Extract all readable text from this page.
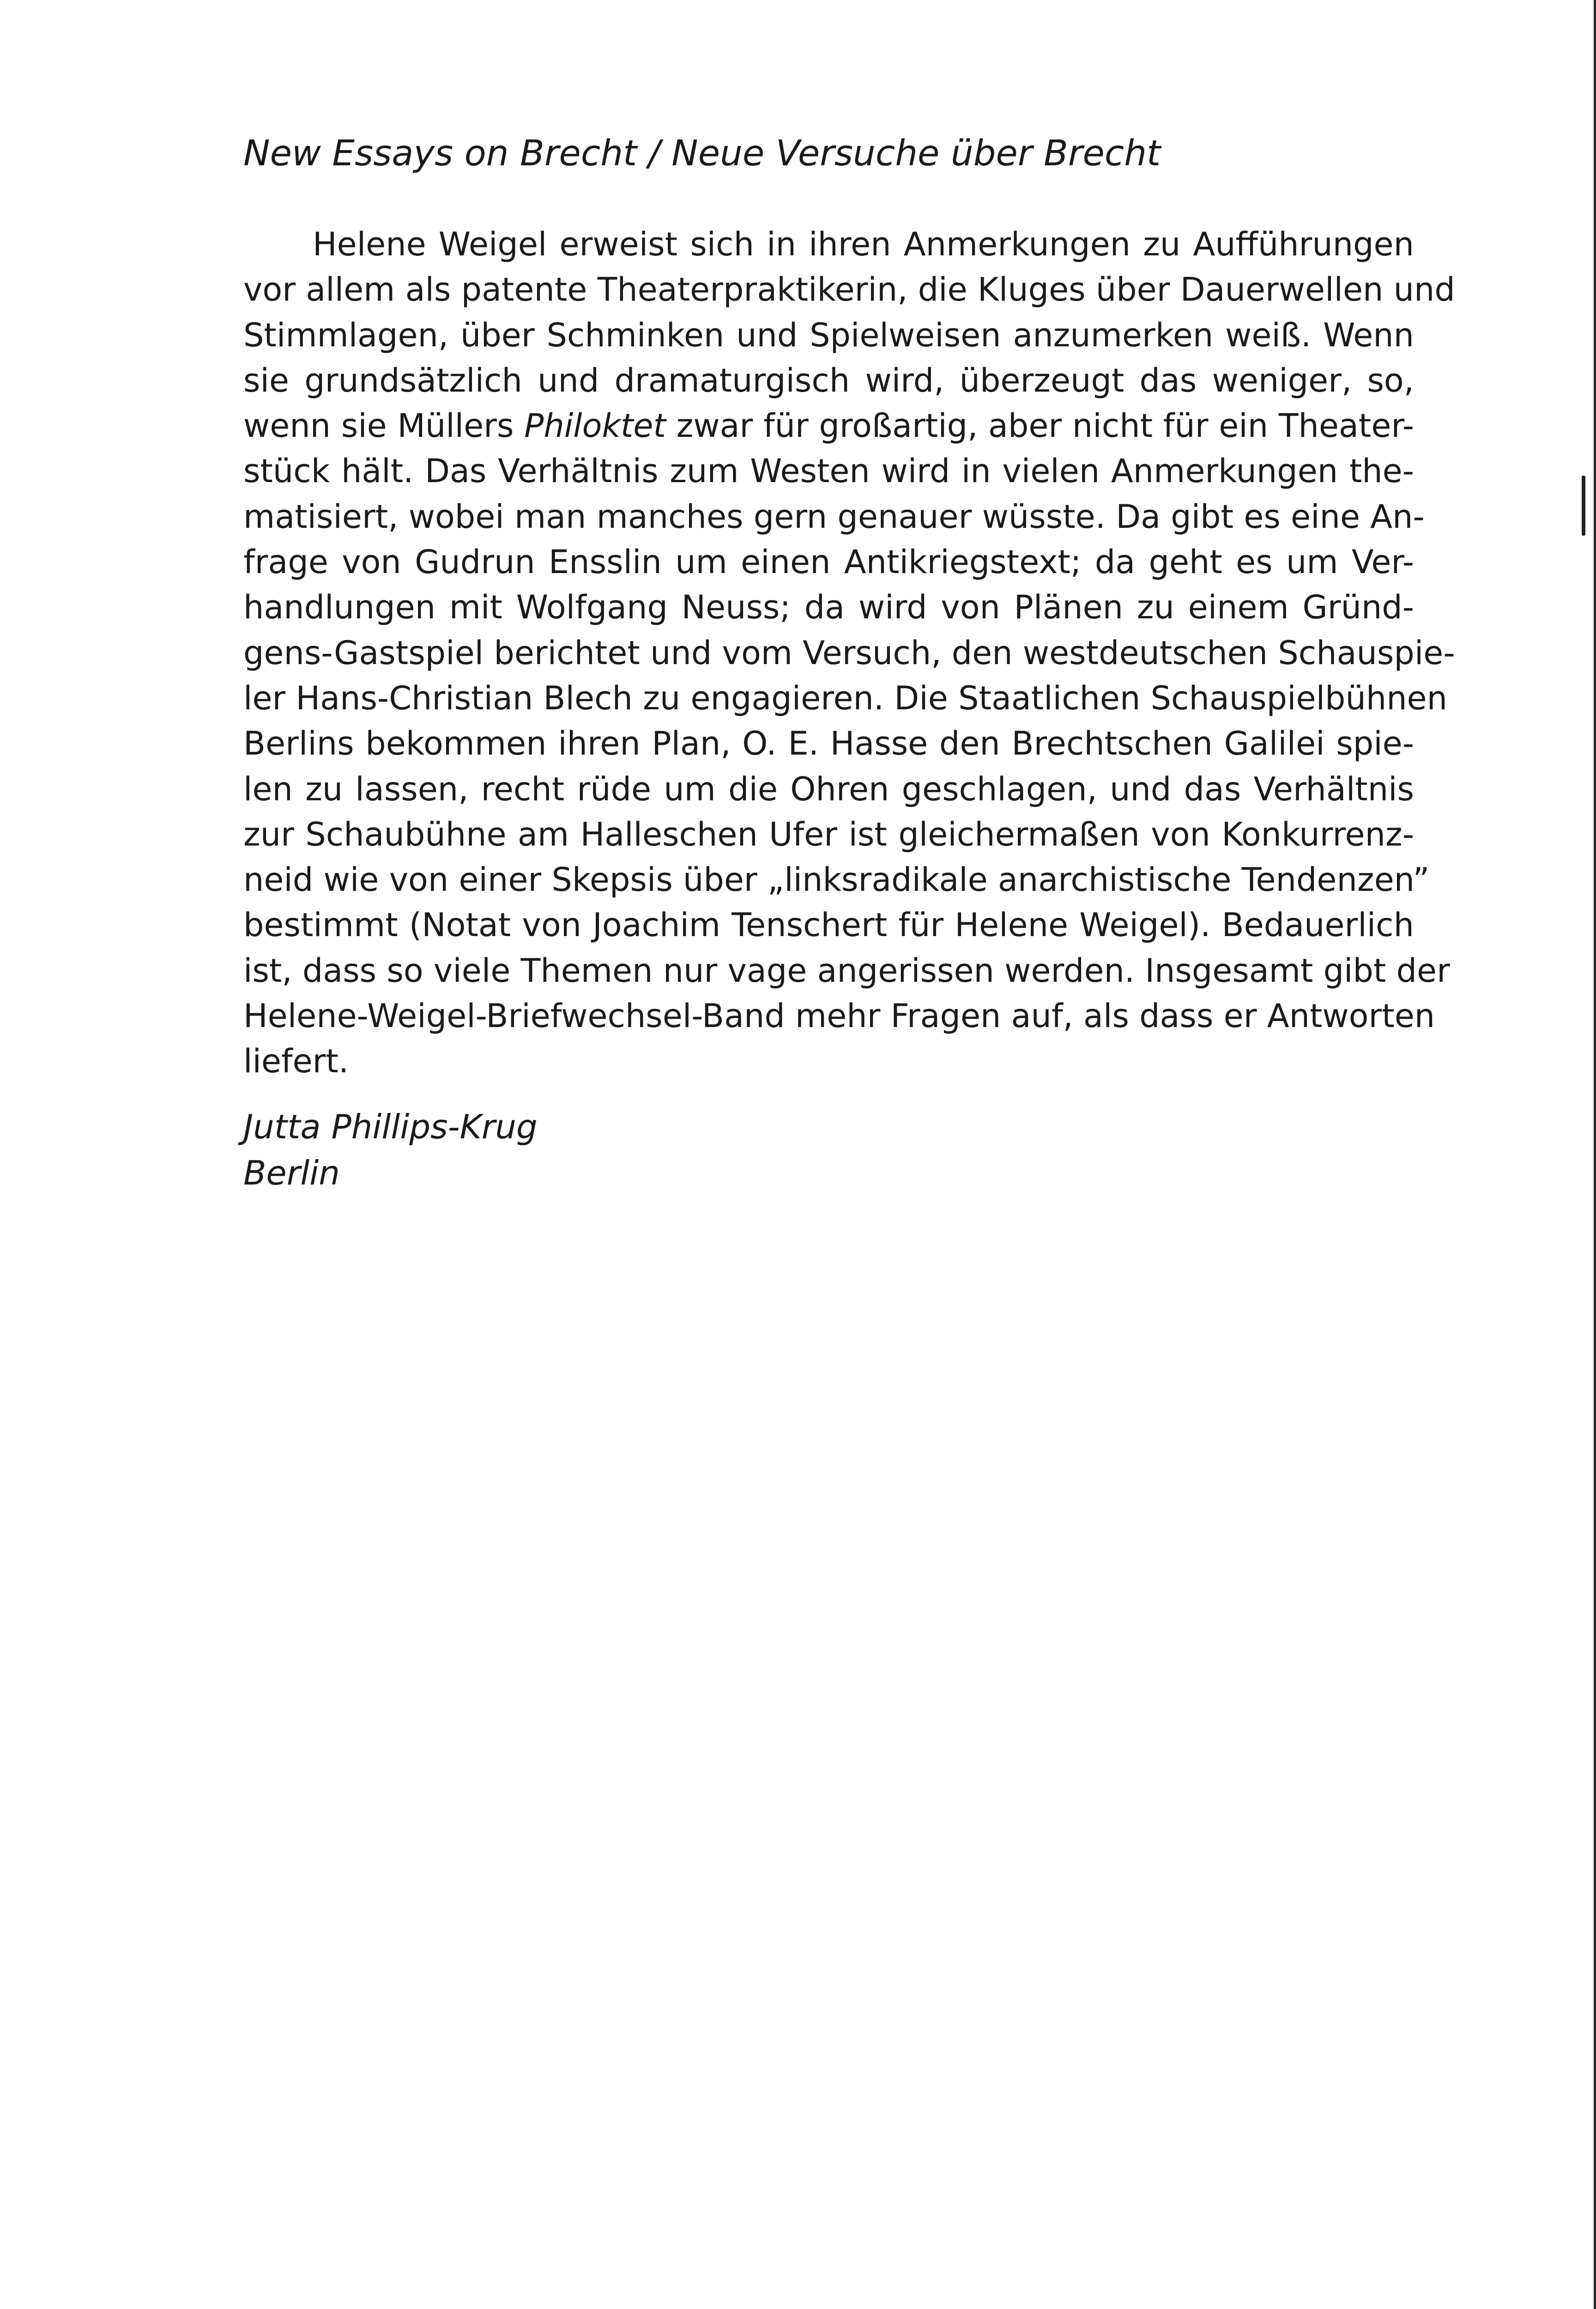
New Essays on Brecht / Neue Versuche über Brecht
Helene Weigel erweist sich in ihren Anmerkungen zu Aufführungen
vor allem als patente Theaterpraktikerin, die Kluges über Dauerwellen und
Stimmlagen, über Schminken und Spielweisen anzumerken weiß. Wenn
sie grundsätzlich und dramaturgisch wird, überzeugt das weniger, so,
wenn sie Müllers Philoktet zwar für großartig, aber nicht für ein Theater-
stück hält. Das Verhältnis zum Westen wird in vielen Anmerkungen the-
matisiert, wobei man manches gern genauer wüsste. Da gibt es eine An-
frage von Gudrun Ensslin um einen Antikriegstext; da geht es um Ver-
handlungen mit Wolfgang Neuss; da wird von Plänen zu einem Gründ-
gens-Gastspiel berichtet und vom Versuch, den westdeutschen Schauspie-
ler Hans-Christian Blech zu engagieren. Die Staatlichen Schauspielbühnen
Berlins bekommen ihren Plan, O. E. Hasse den Brechtschen Galilei spie-
len zu lassen, recht rüde um die Ohren geschlagen, und das Verhältnis
zur Schaubühne am Halleschen Ufer ist gleichermaßen von Konkurrenz-
neid wie von einer Skepsis über „linksradikale anarchistische Tendenzen”
bestimmt (Notat von Joachim Tenschert für Helene Weigel). Bedauerlich
ist, dass so viele Themen nur vage angerissen werden. Insgesamt gibt der
Helene-Weigel-Briefwechsel-Band mehr Fragen auf, als dass er Antworten
liefert.
Jutta Phillips-Krug
Berlin
